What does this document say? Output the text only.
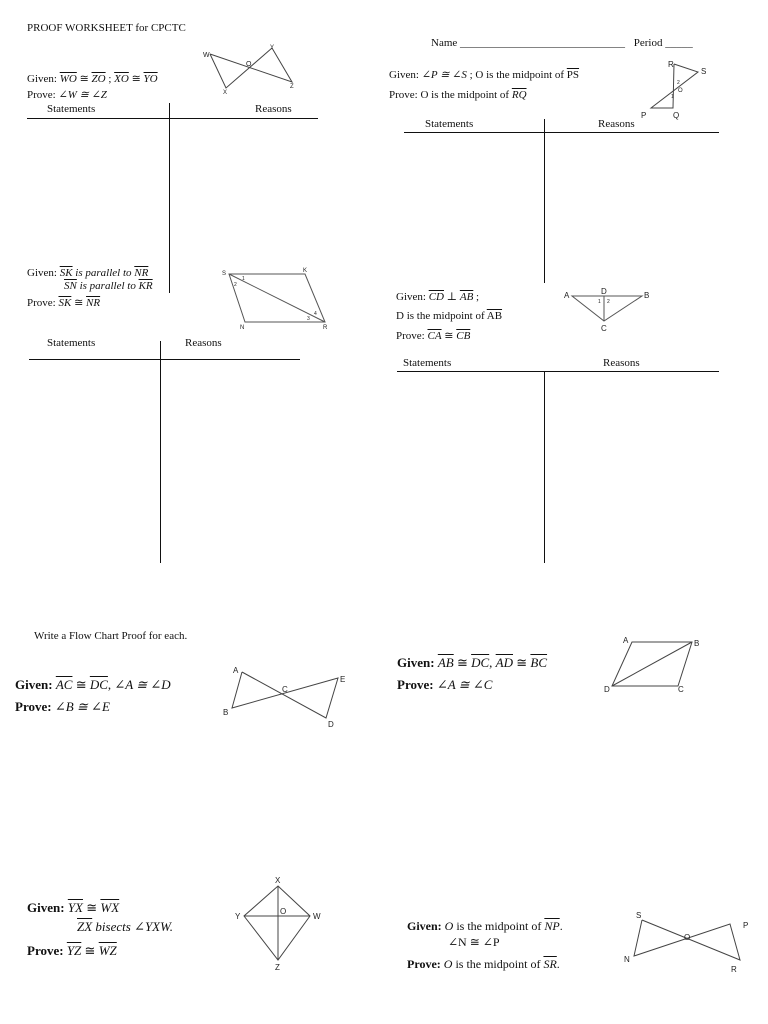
PROOF WORKSHEET for CPCTC
Name ______________________________ Period _____
Given: $\overline{WO}$ ≅ $\overline{ZO}$ ; $\overline{XO}$ ≅ $\overline{YO}$
Prove: ∠W ≅ ∠Z
W
Y
O
X
Z
Statements	Reasons
Given: ∠P ≅ ∠S ; O is the midpoint of $\overline{PS}$
Prove: O is the midpoint of $\overline{RQ}$
R
S
O
P	Q
2
1
Statements	Reasons
Given: $\overline{SK}$ is parallel to $\overline{NR}$
$\overline{SN}$ is parallel to $\overline{KR}$
Prove: $\overline{SK}$ ≅ $\overline{NR}$
S	K
N	R
1
2
3
4
Statements	Reasons
Given: $\overline{CD}$ ⊥ $\overline{AB}$ ;
D is the midpoint of $\overline{AB}$
Prove: $\overline{CA}$ ≅ $\overline{CB}$
A	D	B
C
1 2
Statements	Reasons
Write a Flow Chart Proof for each.
Given: $\overline{AC}$ ≅ $\overline{DC}$, ∠A ≅ ∠D
Prove: ∠B ≅ ∠E
A
B
C
D
E
Given: $\overline{AB}$ ≅ $\overline{DC}$, $\overline{AD}$ ≅ $\overline{BC}$
Prove: ∠A ≅ ∠C
A	B
C
D
Given: $\overline{YX}$ ≅ $\overline{WX}$
$\overline{ZX}$ bisects ∠YXW.
Prove: $\overline{YZ}$ ≅ $\overline{WZ}$
X
Y
O
W
Z
Given: O is the midpoint of $\overline{NP}$.
∠N ≅ ∠P
Prove: O is the midpoint of $\overline{SR}$.
S
P
O
N
R
